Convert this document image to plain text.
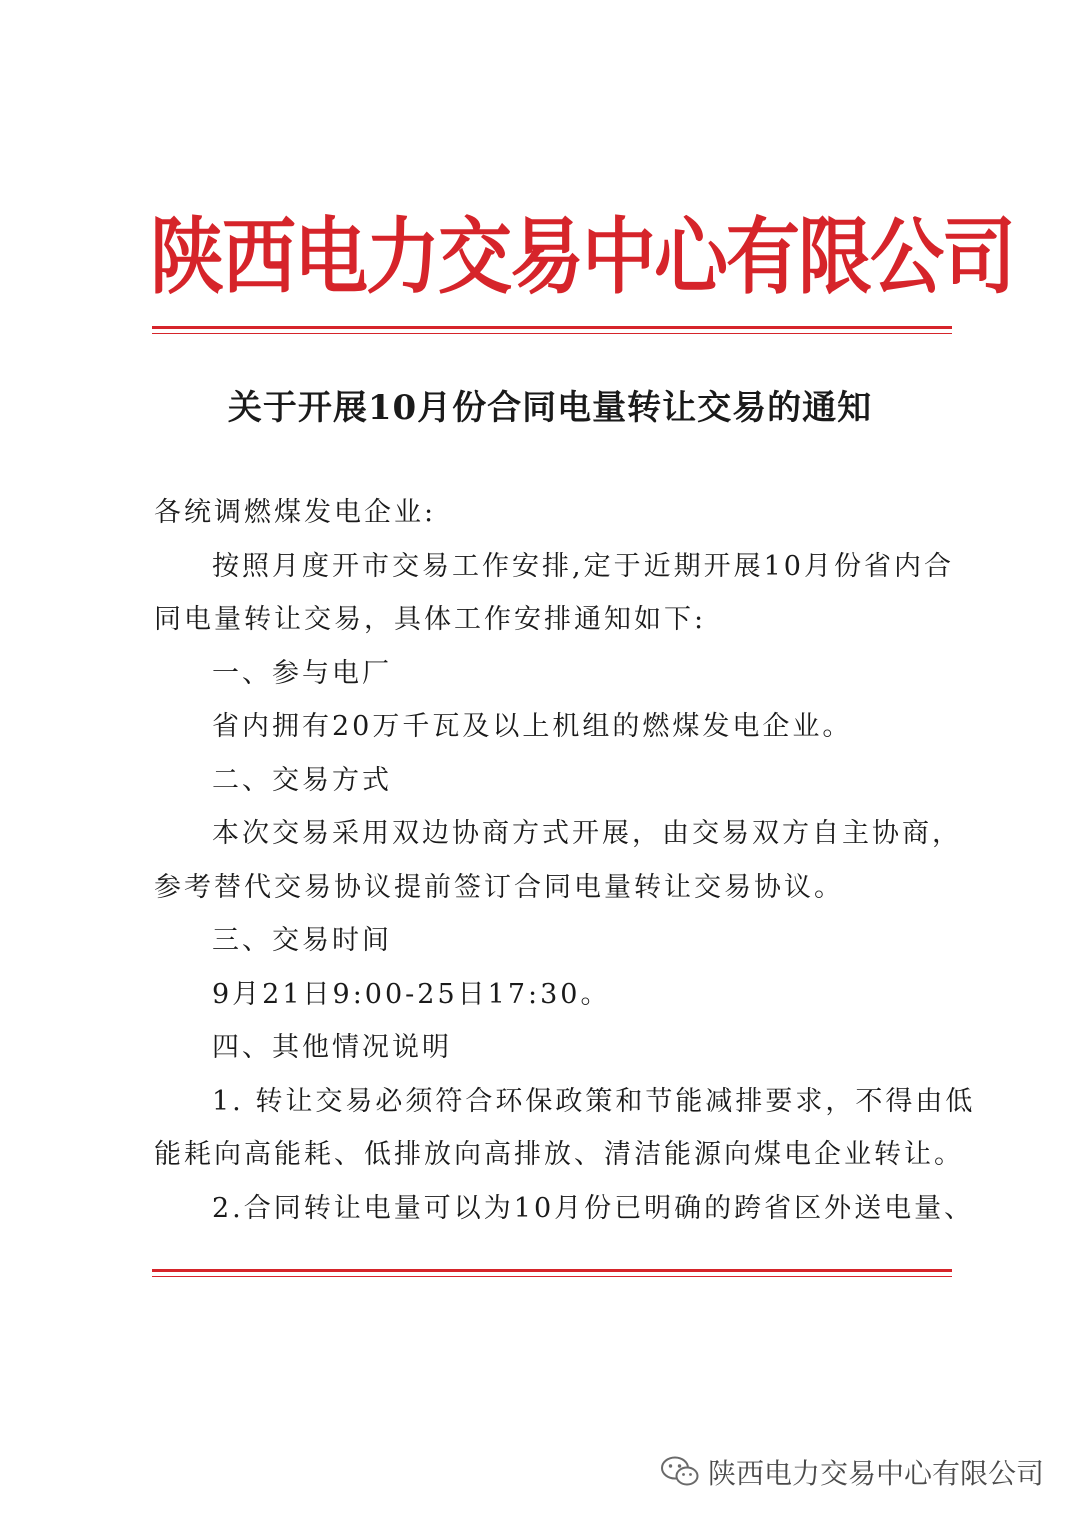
陕西电力交易中心有限公司
关于开展10月份合同电量转让交易的通知

各统调燃煤发电企业:

按照月度开市交易工作安排,定于近期开展10月份省内合

同电量转让交易，具体工作安排通知如下:

一、参与电厂

省内拥有20万千瓦及以上机组的燃煤发电企业。

二、交易方式

本次交易采用双边协商方式开展，由交易双方自主协商，

参考替代交易协议提前签订合同电量转让交易协议。

三、交易时间

9月21日9:00-25日17:30。

四、其他情况说明

1. 转让交易必须符合环保政策和节能减排要求，不得由低

能耗向高能耗、低排放向高排放、清洁能源向煤电企业转让。

2.合同转让电量可以为10月份已明确的跨省区外送电量、

陕西电力交易中心有限公司
